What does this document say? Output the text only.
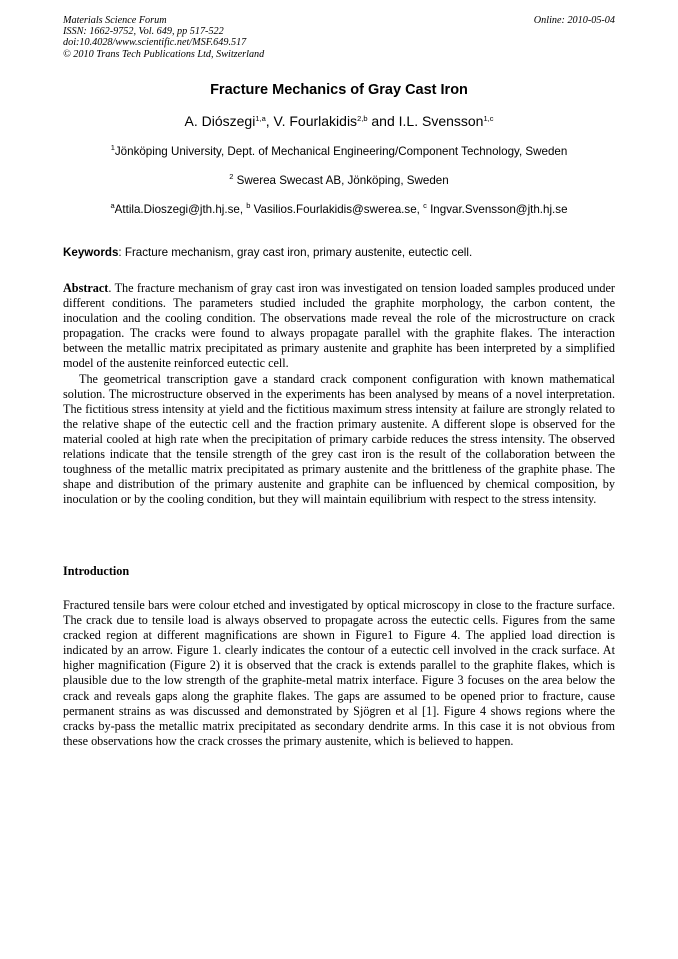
Materials Science Forum
ISSN: 1662-9752, Vol. 649, pp 517-522
doi:10.4028/www.scientific.net/MSF.649.517
© 2010 Trans Tech Publications Ltd, Switzerland
Online: 2010-05-04
Fracture Mechanics of Gray Cast Iron
A. Diószegi$^{1,a}$, V. Fourlakidis$^{2,b}$ and I.L. Svensson$^{1,c}$
$^1$Jönköping University, Dept. of Mechanical Engineering/Component Technology, Sweden
$^2$ Swerea Swecast AB, Jönköping, Sweden
$^a$Attila.Dioszegi@jth.hj.se, $^b$ Vasilios.Fourlakidis@swerea.se, $^c$ Ingvar.Svensson@jth.hj.se
Keywords: Fracture mechanism, gray cast iron, primary austenite, eutectic cell.

Abstract. The fracture mechanism of gray cast iron was investigated on tension loaded samples produced under different conditions. The parameters studied included the graphite morphology, the carbon content, the inoculation and the cooling condition. The observations made reveal the role of the microstructure on crack propagation. The cracks were found to always propagate parallel with the graphite flakes. The interaction between the metallic matrix precipitated as primary austenite and graphite has been interpreted by a simplified model of the austenite reinforced eutectic cell.

The geometrical transcription gave a standard crack component configuration with known mathematical solution. The microstructure observed in the experiments has been analysed by means of a novel interpretation. The fictitious stress intensity at yield and the fictitious maximum stress intensity at failure are strongly related to the relative shape of the eutectic cell and the fraction primary austenite. A different slope is observed for the material cooled at high rate when the precipitation of primary carbide reduces the stress intensity. The observed relations indicate that the tensile strength of the grey cast iron is the result of the collaboration between the toughness of the metallic matrix precipitated as primary austenite and the brittleness of the graphite phase. The shape and distribution of the primary austenite and graphite can be influenced by chemical composition, by inoculation or by the cooling condition, but they will maintain equilibrium with respect to the stress intensity.

Introduction

Fractured tensile bars were colour etched and investigated by optical microscopy in close to the fracture surface. The crack due to tensile load is always observed to propagate across the eutectic cells. Figures from the same cracked region at different magnifications are shown in Figure1 to Figure 4. The applied load direction is indicated by an arrow. Figure 1. clearly indicates the contour of a eutectic cell involved in the crack surface. At higher magnification (Figure 2) it is observed that the crack is extends parallel to the graphite flakes, which is plausible due to the low strength of the graphite-metal matrix interface. Figure 3 focuses on the area below the crack and reveals gaps along the graphite flakes. The gaps are assumed to be opened prior to fracture, cause permanent strains as was discussed and demonstrated by Sjögren et al [1]. Figure 4 shows regions where the cracks by-pass the metallic matrix precipitated as secondary dendrite arms. In this case it is not obvious from these observations how the crack crosses the primary austenite, which is believed to happen.
